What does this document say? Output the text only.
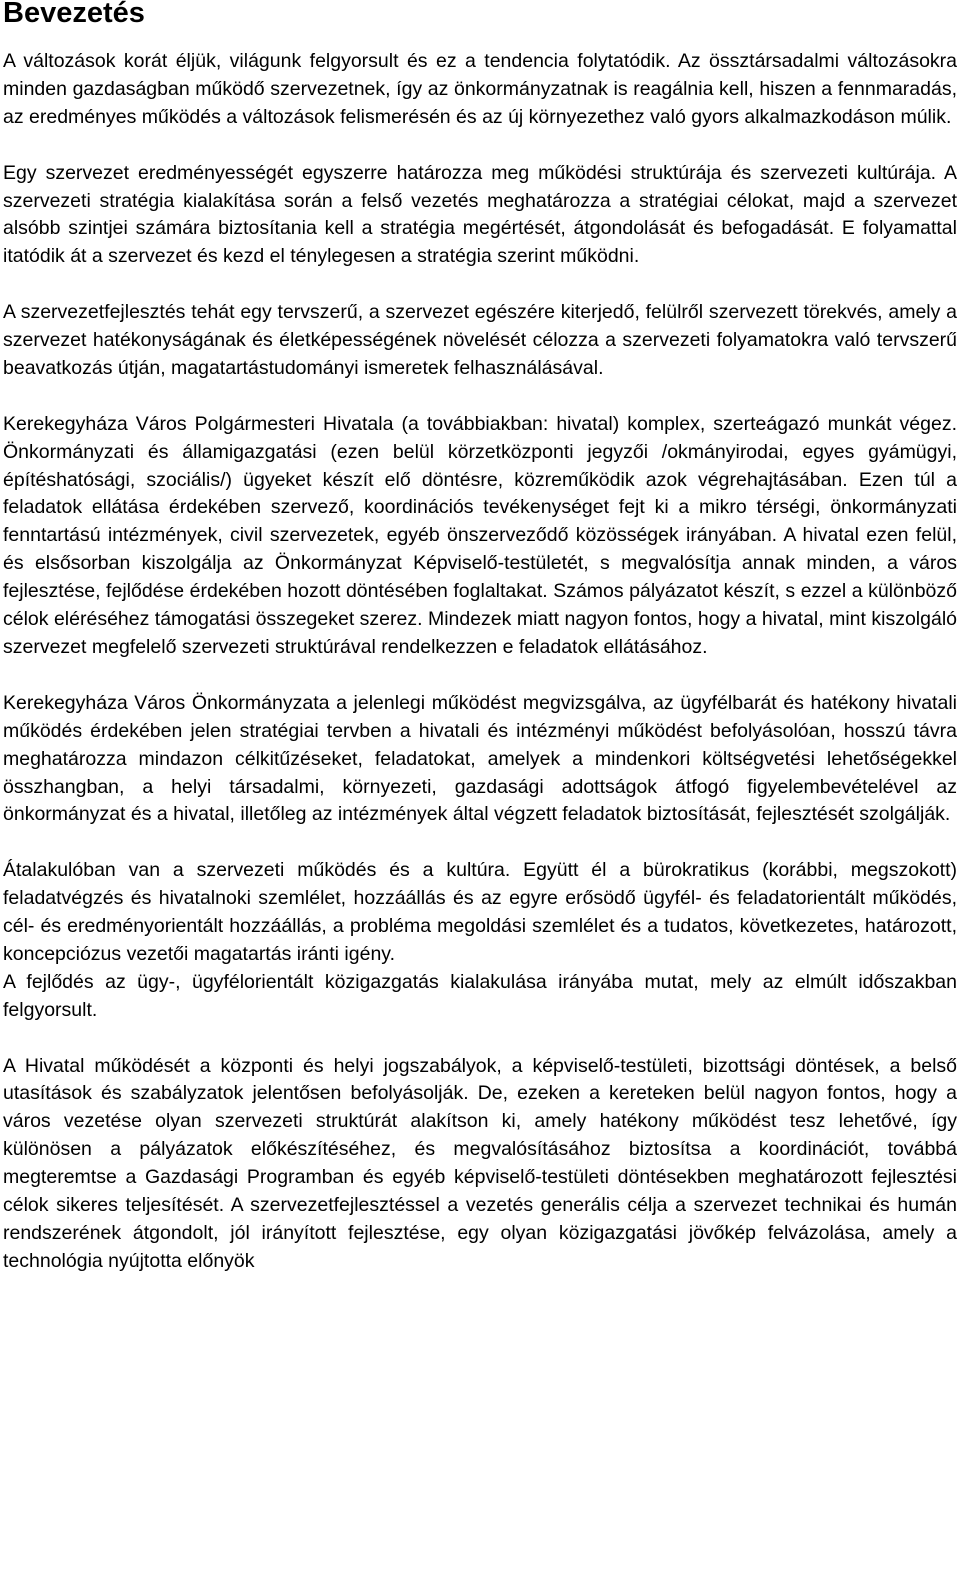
Bevezetés

A változások korát éljük, világunk felgyorsult és ez a tendencia folytatódik. Az össztársadalmi változásokra minden gazdaságban működő szervezetnek, így az önkormányzatnak is reagálnia kell, hiszen a fennmaradás, az eredményes működés a változások felismerésén és az új környezethez való gyors alkalmazkodáson múlik.

Egy szervezet eredményességét egyszerre határozza meg működési struktúrája és szervezeti kultúrája. A szervezeti stratégia kialakítása során a felső vezetés meghatározza a stratégiai célokat, majd a szervezet alsóbb szintjei számára biztosítania kell a stratégia megértését, átgondolását és befogadását. E folyamattal itatódik át a szervezet és kezd el ténylegesen a stratégia szerint működni.

A szervezetfejlesztés tehát egy tervszerű, a szervezet egészére kiterjedő, felülről szervezett törekvés, amely a szervezet hatékonyságának és életképességének növelését célozza a szervezeti folyamatokra való tervszerű beavatkozás útján, magatartástudományi ismeretek felhasználásával.

Kerekegyháza Város Polgármesteri Hivatala (a továbbiakban: hivatal) komplex, szerteágazó munkát végez. Önkormányzati és államigazgatási (ezen belül körzetközponti jegyzői /okmányirodai, egyes gyámügyi, építéshatósági, szociális/) ügyeket készít elő döntésre, közreműködik azok végrehajtásában. Ezen túl a feladatok ellátása érdekében szervező, koordinációs tevékenységet fejt ki a mikro térségi, önkormányzati fenntartású intézmények, civil szervezetek, egyéb önszerveződő közösségek irányában. A hivatal ezen felül, és elsősorban kiszolgálja az Önkormányzat Képviselő-testületét, s megvalósítja annak minden, a város fejlesztése, fejlődése érdekében hozott döntésében foglaltakat. Számos pályázatot készít, s ezzel a különböző célok eléréséhez támogatási összegeket szerez. Mindezek miatt nagyon fontos, hogy a hivatal, mint kiszolgáló szervezet megfelelő szervezeti struktúrával rendelkezzen e feladatok ellátásához.

Kerekegyháza Város Önkormányzata a jelenlegi működést megvizsgálva, az ügyfélbarát és hatékony hivatali működés érdekében jelen stratégiai tervben a hivatali és intézményi működést befolyásolóan, hosszú távra meghatározza mindazon célkitűzéseket, feladatokat, amelyek a mindenkori költségvetési lehetőségekkel összhangban, a helyi társadalmi, környezeti, gazdasági adottságok átfogó figyelembevételével az önkormányzat és a hivatal, illetőleg az intézmények által végzett feladatok biztosítását, fejlesztését szolgálják.

Átalakulóban van a szervezeti működés és a kultúra. Együtt él a bürokratikus (korábbi, megszokott) feladatvégzés és hivatalnoki szemlélet, hozzáállás és az egyre erősödő ügyfél- és feladatorientált működés, cél- és eredményorientált hozzáállás, a probléma megoldási szemlélet és a tudatos, következetes, határozott, koncepciózus vezetői magatartás iránti igény.

A fejlődés az ügy-, ügyfélorientált közigazgatás kialakulása irányába mutat, mely az elmúlt időszakban felgyorsult.

A Hivatal működését a központi és helyi jogszabályok, a képviselő-testületi, bizottsági döntések, a belső utasítások és szabályzatok jelentősen befolyásolják. De, ezeken a kereteken belül nagyon fontos, hogy a város vezetése olyan szervezeti struktúrát alakítson ki, amely hatékony működést tesz lehetővé, így különösen a pályázatok előkészítéséhez, és megvalósításához biztosítsa a koordinációt, továbbá megteremtse a Gazdasági Programban és egyéb képviselő-testületi döntésekben meghatározott fejlesztési célok sikeres teljesítését. A szervezetfejlesztéssel a vezetés generális célja a szervezet technikai és humán rendszerének átgondolt, jól irányított fejlesztése, egy olyan közigazgatási jövőkép felvázolása, amely a technológia nyújtotta előnyök
